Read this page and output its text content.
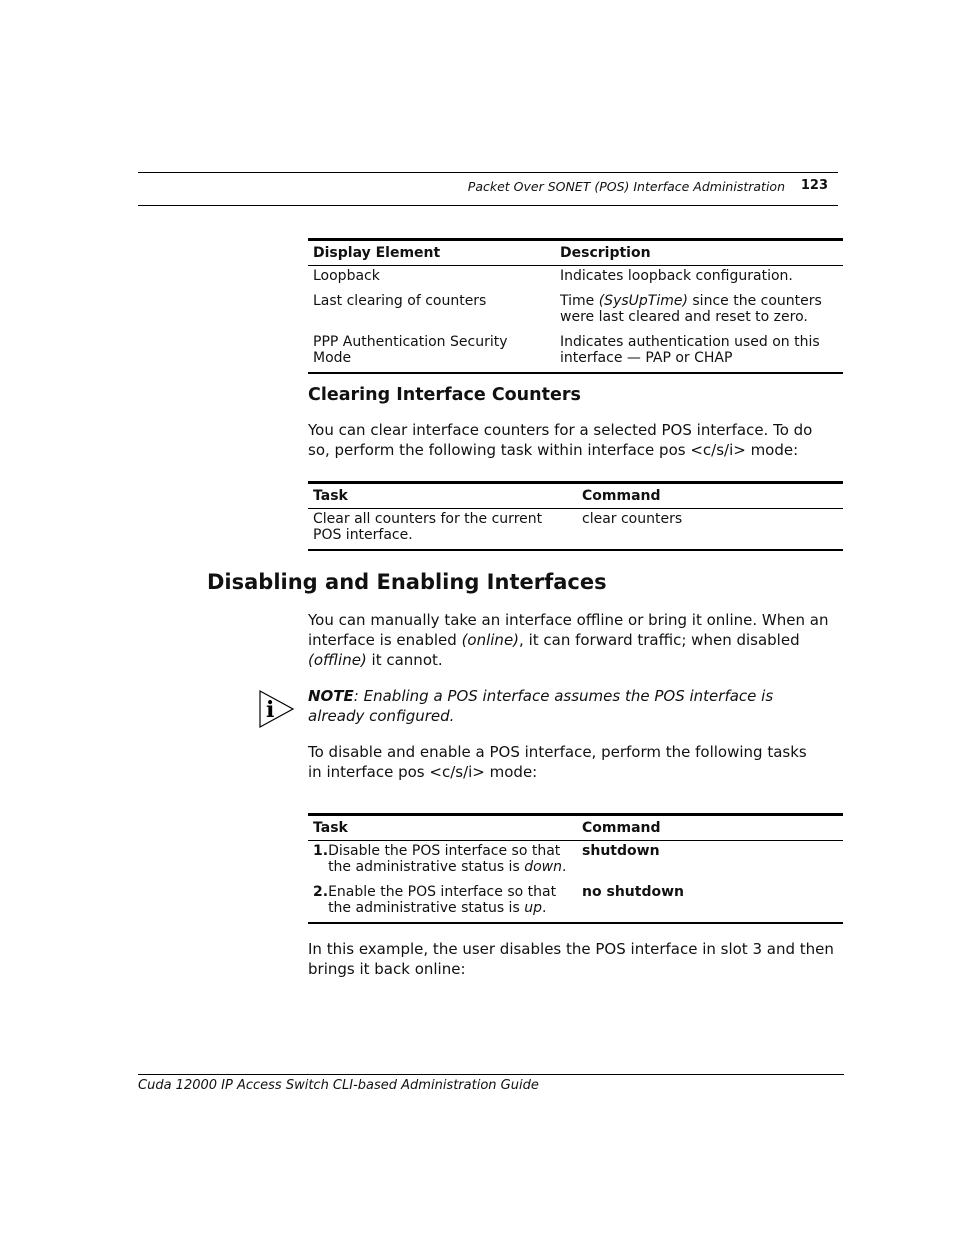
Packet Over SONET (POS) Interface Administration 123
Display Element	Description
Loopback	Indicates loopback configuration.
Last clearing of counters	Time (SysUpTime) since the counters were last cleared and reset to zero.
PPP Authentication Security Mode	Indicates authentication used on this interface — PAP or CHAP
Clearing Interface Counters
You can clear interface counters for a selected POS interface. To do so, perform the following task within interface pos <c/s/i> mode:
Task	Command
Clear all counters for the current POS interface.	clear counters
Disabling and Enabling Interfaces
You can manually take an interface offline or bring it online. When an interface is enabled (online), it can forward traffic; when disabled (offline) it cannot.
i
NOTE: Enabling a POS interface assumes the POS interface is already configured.
To disable and enable a POS interface, perform the following tasks in interface pos <c/s/i> mode:
Task		Command
1.	Disable the POS interface so that the administrative status is down.	shutdown
2.	Enable the POS interface so that the administrative status is up.	no shutdown
In this example, the user disables the POS interface in slot 3 and then brings it back online:
Cuda 12000 IP Access Switch CLI-based Administration Guide
